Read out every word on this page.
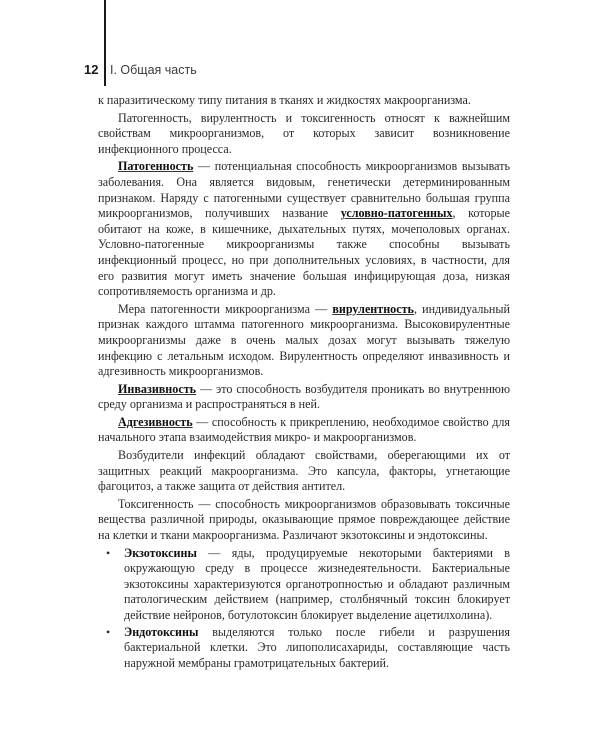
12 I. Общая часть

к паразитическому типу питания в тканях и жидкостях макроорганизма.

Патогенность, вирулентность и токсигенность относят к важнейшим свойствам микроорганизмов, от которых зависит возникновение инфекционного процесса.

Патогенность — потенциальная способность микроорганизмов вызывать заболевания. Она является видовым, генетически детерминированным признаком. Наряду с патогенными существует сравнительно большая группа микроорганизмов, получивших название условно-патогенных, которые обитают на коже, в кишечнике, дыхательных путях, мочеполовых органах. Условно-патогенные микроорганизмы также способны вызывать инфекционный процесс, но при дополнительных условиях, в частности, для его развития могут иметь значение большая инфицирующая доза, низкая сопротивляемость организма и др.

Мера патогенности микроорганизма — вирулентность, индивидуальный признак каждого штамма патогенного микроорганизма. Высоковирулентные микроорганизмы даже в очень малых дозах могут вызывать тяжелую инфекцию с летальным исходом. Вирулентность определяют инвазивность и адгезивность микроорганизмов.

Инвазивность — это способность возбудителя проникать во внутреннюю среду организма и распространяться в ней.

Адгезивность — способность к прикреплению, необходимое свойство для начального этапа взаимодействия микро- и макроорганизмов.

Возбудители инфекций обладают свойствами, оберегающими их от защитных реакций макроорганизма. Это капсула, факторы, угнетающие фагоцитоз, а также защита от действия антител.

Токсигенность — способность микроорганизмов образовывать токсичные вещества различной природы, оказывающие прямое повреждающее действие на клетки и ткани макроорганизма. Различают экзотоксины и эндотоксины.

• Экзотоксины — яды, продуцируемые некоторыми бактериями в окружающую среду в процессе жизнедеятельности. Бактериальные экзотоксины характеризуются органотропностью и обладают различным патологическим действием (например, столбнячный токсин блокирует действие нейронов, ботулотоксин блокирует выделение ацетилхолина).
• Эндотоксины выделяются только после гибели и разрушения бактериальной клетки. Это липополисахариды, составляющие часть наружной мембраны грамотрицательных бактерий.
